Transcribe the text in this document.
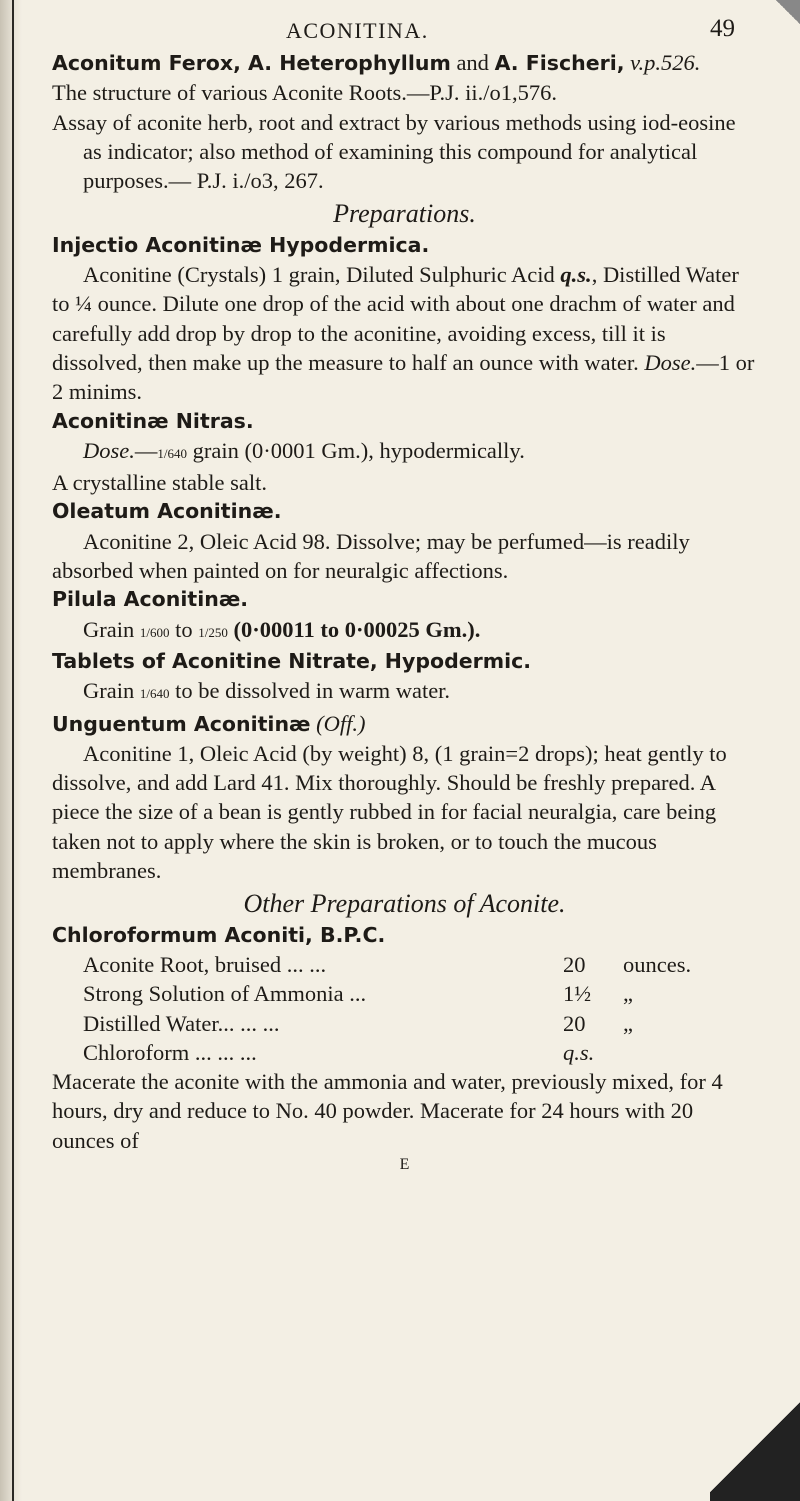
ACONITINA.	49

Aconitum Ferox, A. Heterophyllum and A. Fischeri, v.p.526.

The structure of various Aconite Roots.—P.J. ii./o1,576.

Assay of aconite herb, root and extract by various methods using iod-eosine as indicator; also method of examining this compound for analytical purposes.— P.J. i./o3, 267.

Preparations.

Injectio Aconitinæ Hypodermica.

Aconitine (Crystals) 1 grain, Diluted Sulphuric Acid q.s., Distilled Water to ¼ ounce. Dilute one drop of the acid with about one drachm of water and carefully add drop by drop to the aconitine, avoiding excess, till it is dissolved, then make up the measure to half an ounce with water. Dose.—1 or 2 minims.

Aconitinæ Nitras.

Dose.—1/640 grain (0·0001 Gm.), hypodermically.

A crystalline stable salt.

Oleatum Aconitinæ.

Aconitine 2, Oleic Acid 98. Dissolve; may be perfumed—is readily absorbed when painted on for neuralgic affections.

Pilula Aconitinæ.

Grain 1/600 to 1/250 (0·00011 to 0·00025 Gm.).

Tablets of Aconitine Nitrate, Hypodermic.

Grain 1/640 to be dissolved in warm water.

Unguentum Aconitinæ (Off.)

Aconitine 1, Oleic Acid (by weight) 8, (1 grain=2 drops); heat gently to dissolve, and add Lard 41. Mix thoroughly. Should be freshly prepared. A piece the size of a bean is gently rubbed in for facial neuralgia, care being taken not to apply where the skin is broken, or to touch the mucous membranes.

Other Preparations of Aconite.

Chloroformum Aconiti, B.P.C.

Aconite Root, bruised ... ...	20	ounces.
Strong Solution of Ammonia ...	1½	„
Distilled Water... ... ...	20	„
Chloroform ... ... ...	q.s.

Macerate the aconite with the ammonia and water, previously mixed, for 4 hours, dry and reduce to No. 40 powder. Macerate for 24 hours with 20 ounces of

E
